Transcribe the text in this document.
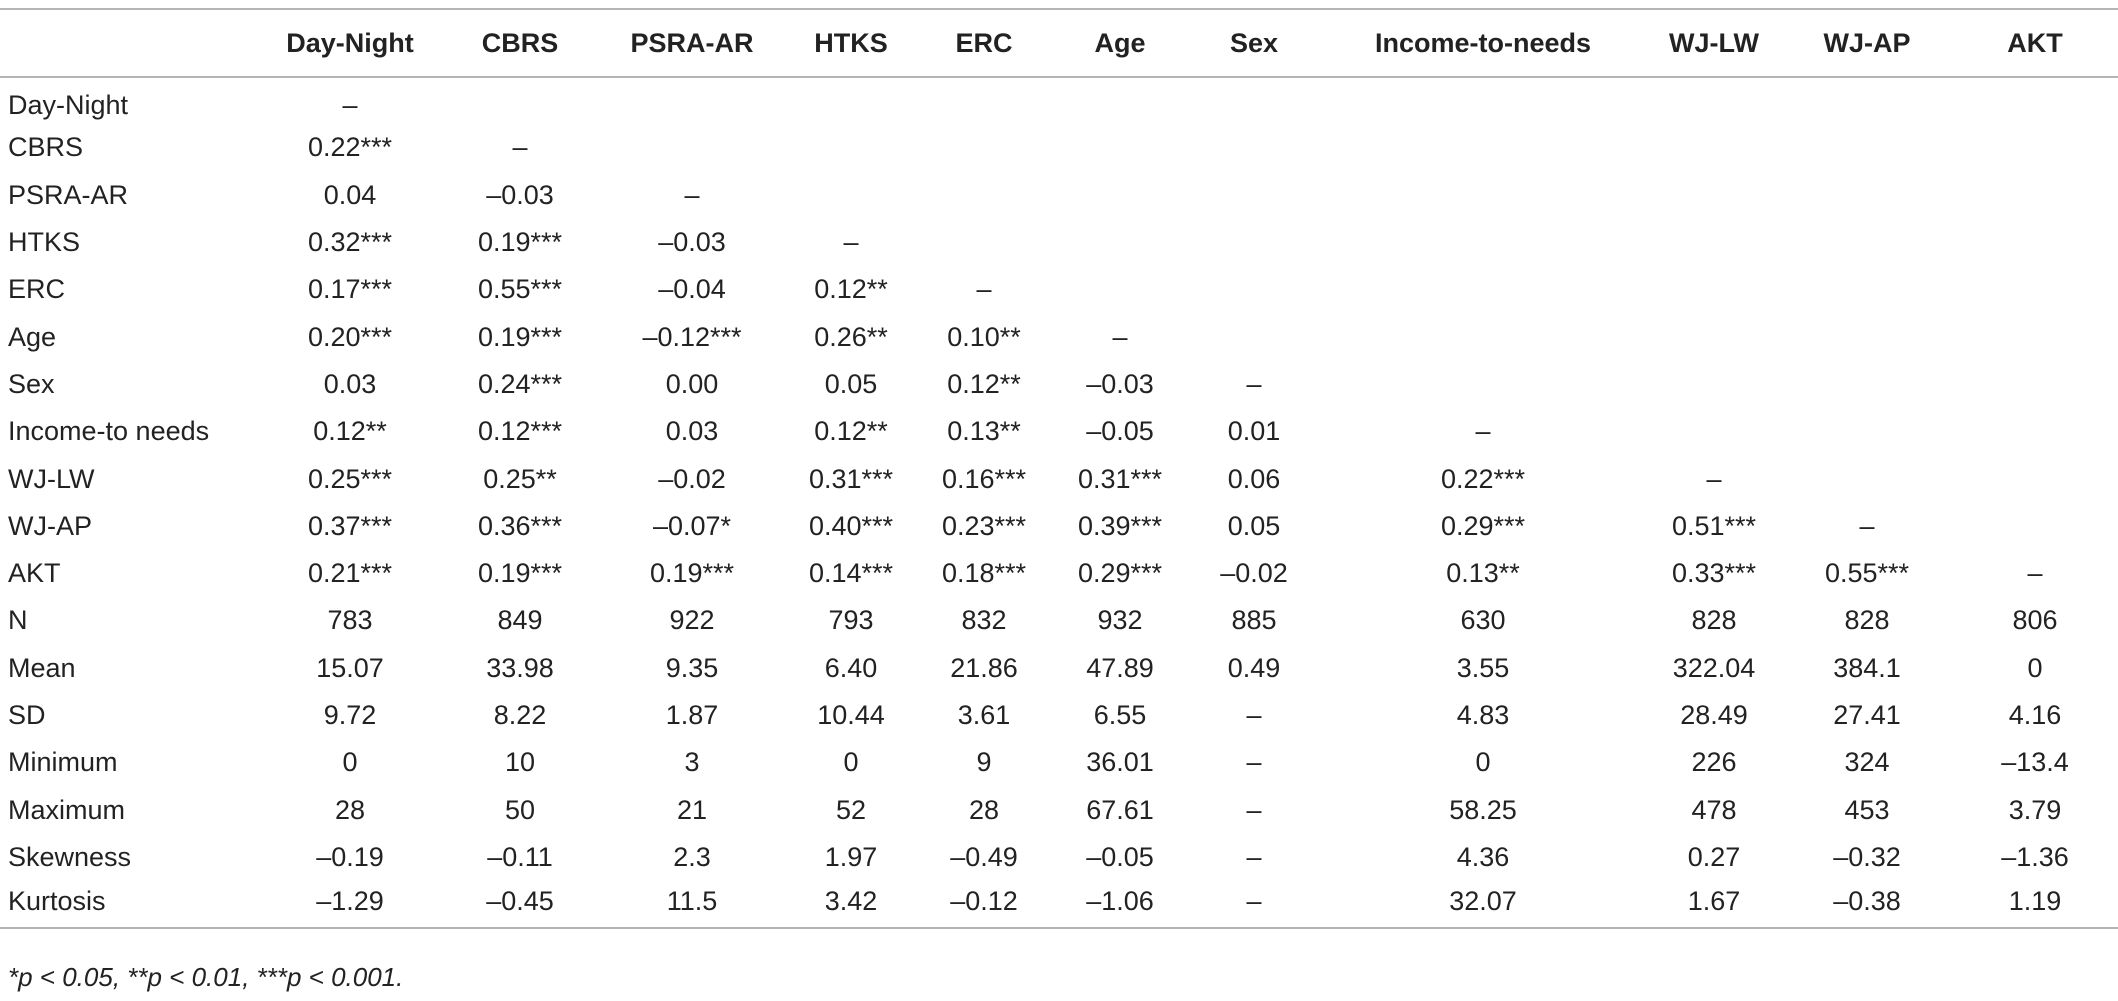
	Day-Night	CBRS	PSRA-AR	HTKS	ERC	Age	Sex	Income-to-needs	WJ-LW	WJ-AP	AKT
Day-Night	–										
CBRS	0.22***	–									
PSRA-AR	0.04	–0.03	–								
HTKS	0.32***	0.19***	–0.03	–							
ERC	0.17***	0.55***	–0.04	0.12**	–						
Age	0.20***	0.19***	–0.12***	0.26**	0.10**	–					
Sex	0.03	0.24***	0.00	0.05	0.12**	–0.03	–				
Income-to needs	0.12**	0.12***	0.03	0.12**	0.13**	–0.05	0.01	–			
WJ-LW	0.25***	0.25**	–0.02	0.31***	0.16***	0.31***	0.06	0.22***	–		
WJ-AP	0.37***	0.36***	–0.07*	0.40***	0.23***	0.39***	0.05	0.29***	0.51***	–	
AKT	0.21***	0.19***	0.19***	0.14***	0.18***	0.29***	–0.02	0.13**	0.33***	0.55***	–
N	783	849	922	793	832	932	885	630	828	828	806
Mean	15.07	33.98	9.35	6.40	21.86	47.89	0.49	3.55	322.04	384.1	0
SD	9.72	8.22	1.87	10.44	3.61	6.55	–	4.83	28.49	27.41	4.16
Minimum	0	10	3	0	9	36.01	–	0	226	324	–13.4
Maximum	28	50	21	52	28	67.61	–	58.25	478	453	3.79
Skewness	–0.19	–0.11	2.3	1.97	–0.49	–0.05	–	4.36	0.27	–0.32	–1.36
Kurtosis	–1.29	–0.45	11.5	3.42	–0.12	–1.06	–	32.07	1.67	–0.38	1.19
*p < 0.05, **p < 0.01, ***p < 0.001.
